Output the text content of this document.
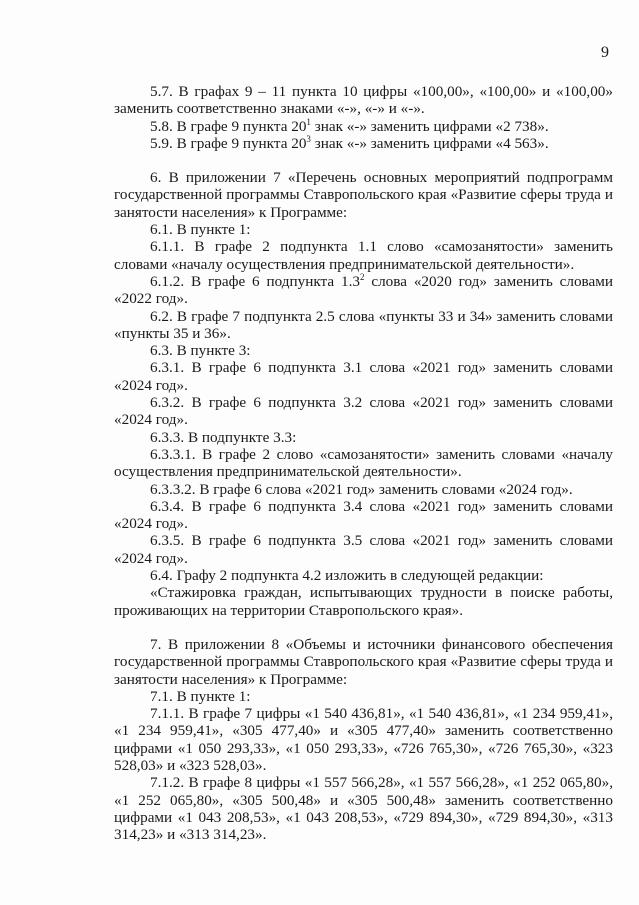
9

5.7. В графах 9 – 11 пункта 10 цифры «100,00», «100,00» и «100,00» заменить соответственно знаками «-», «-» и «-».

5.8. В графе 9 пункта $20^1$ знак «-» заменить цифрами «2 738».

5.9. В графе 9 пункта $20^3$ знак «-» заменить цифрами «4 563».

6. В приложении 7 «Перечень основных мероприятий подпрограмм государственной программы Ставропольского края «Развитие сферы труда и занятости населения» к Программе:

6.1. В пункте 1:

6.1.1. В графе 2 подпункта 1.1 слово «самозанятости» заменить словами «началу осуществления предпринимательской деятельности».

6.1.2. В графе 6 подпункта $1.3^2$ слова «2020 год» заменить словами «2022 год».

6.2. В графе 7 подпункта 2.5 слова «пункты 33 и 34» заменить словами «пункты 35 и 36».

6.3. В пункте 3:

6.3.1. В графе 6 подпункта 3.1 слова «2021 год» заменить словами «2024 год».

6.3.2. В графе 6 подпункта 3.2 слова «2021 год» заменить словами «2024 год».

6.3.3. В подпункте 3.3:

6.3.3.1. В графе 2 слово «самозанятости» заменить словами «началу осуществления предпринимательской деятельности».

6.3.3.2. В графе 6 слова «2021 год» заменить словами «2024 год».

6.3.4. В графе 6 подпункта 3.4 слова «2021 год» заменить словами «2024 год».

6.3.5. В графе 6 подпункта 3.5 слова «2021 год» заменить словами «2024 год».

6.4. Графу 2 подпункта 4.2 изложить в следующей редакции:

«Стажировка граждан, испытывающих трудности в поиске работы, проживающих на территории Ставропольского края».

7. В приложении 8 «Объемы и источники финансового обеспечения государственной программы Ставропольского края «Развитие сферы труда и занятости населения» к Программе:

7.1. В пункте 1:

7.1.1. В графе 7 цифры «1 540 436,81», «1 540 436,81», «1 234 959,41», «1 234 959,41», «305 477,40» и «305 477,40» заменить соответственно цифрами «1 050 293,33», «1 050 293,33», «726 765,30», «726 765,30», «323 528,03» и «323 528,03».

7.1.2. В графе 8 цифры «1 557 566,28», «1 557 566,28», «1 252 065,80», «1 252 065,80», «305 500,48» и «305 500,48» заменить соответственно цифрами «1 043 208,53», «1 043 208,53», «729 894,30», «729 894,30», «313 314,23» и «313 314,23».
